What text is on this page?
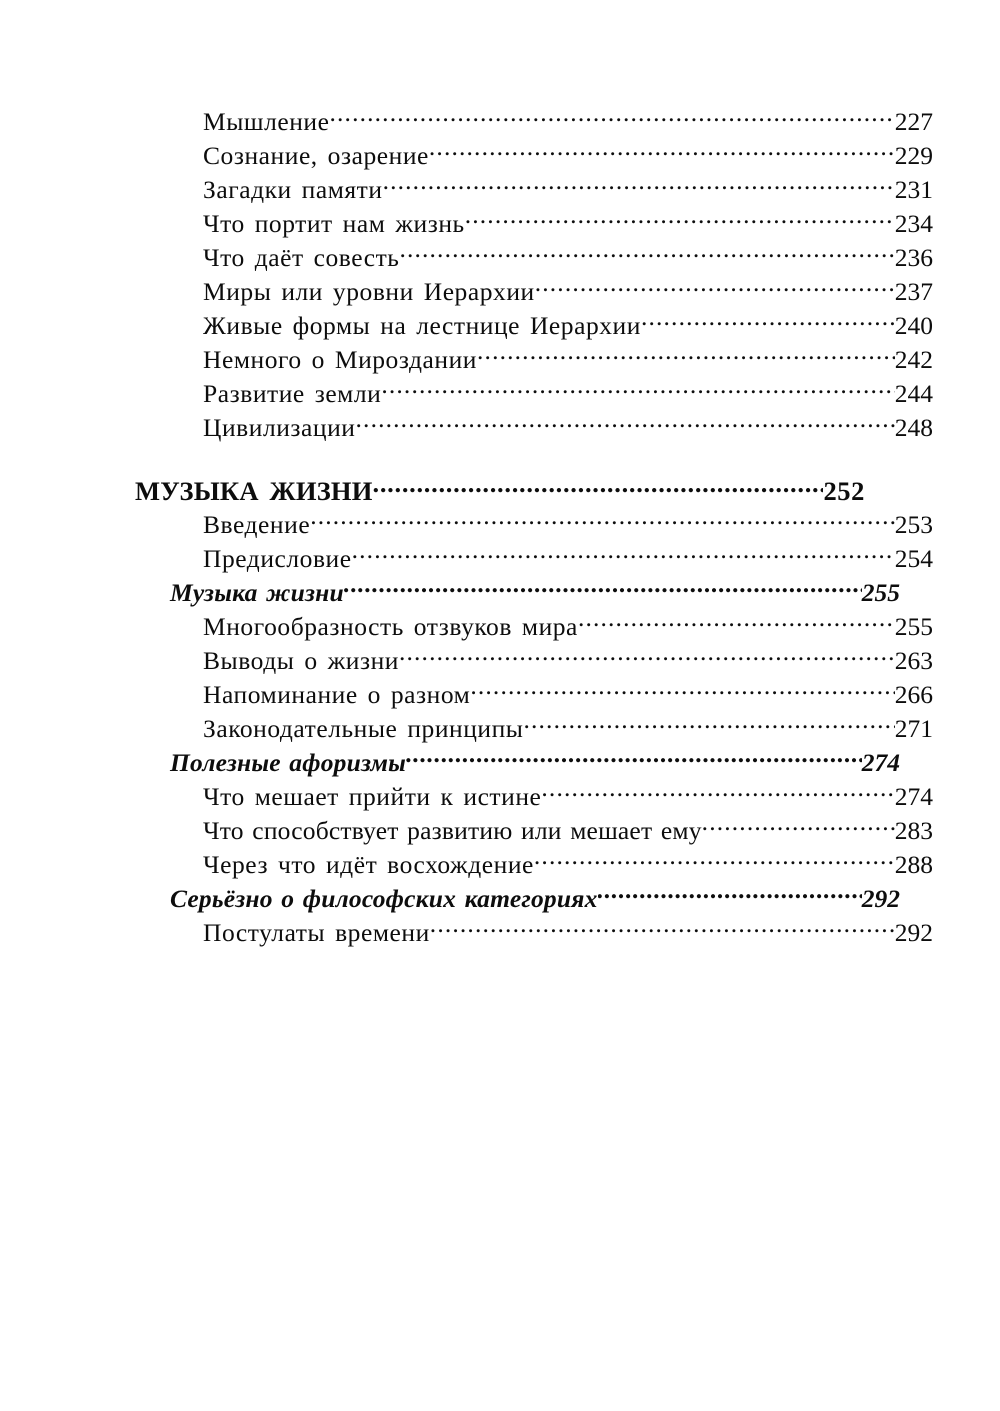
Мышление .....	227
Сознание, озарение .....	229
Загадки памяти .....	231
Что портит нам жизнь .....	234
Что даёт совесть .....	236
Миры или уровни Иерархии .....	237
Живые формы на лестнице Иерархии .....	240
Немного о Мироздании .....	242
Развитие земли .....	244
Цивилизации .....	248
МУЗЫКА ЖИЗНИ .....	252
Введение .....	253
Предисловие .....	254
Музыка жизни .....	255
Многообразность отзвуков мира .....	255
Выводы о жизни .....	263
Напоминание о разном .....	266
Законодательные принципы .....	271
Полезные афоризмы .....	274
Что мешает прийти к истине .....	274
Что способствует развитию или мешает ему .....	283
Через что идёт восхождение .....	288
Серьёзно о философских категориях .....	292
Постулаты времени .....	292
